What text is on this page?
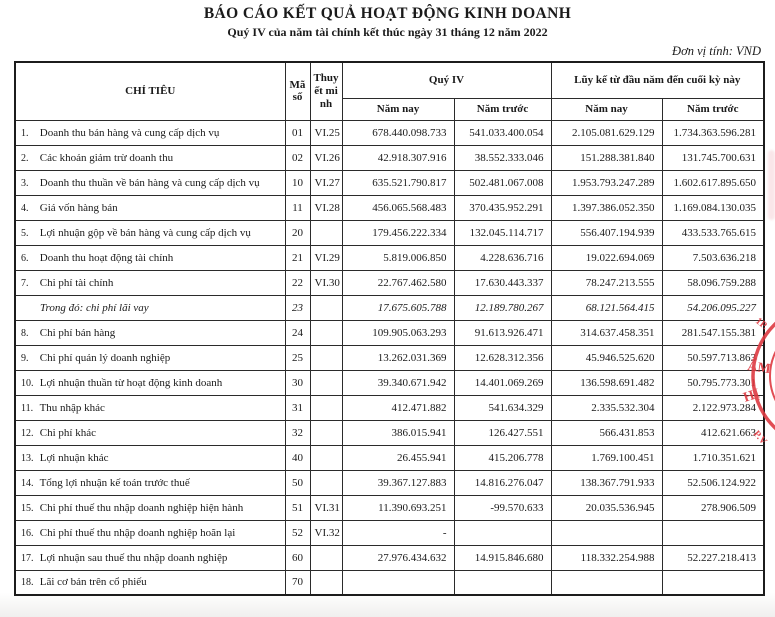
BÁO CÁO KẾT QUẢ HOẠT ĐỘNG KINH DOANH
Quý IV của năm tài chính kết thúc ngày 31 tháng 12 năm 2022
Đơn vị tính: VND
CHỈ TIÊU	Mã số	Thuyết minh	Quý IV		Lũy kế từ đầu năm đến cuối kỳ này	
			Năm nay	Năm trước	Năm nay	Năm trước
1. Doanh thu bán hàng và cung cấp dịch vụ	01	VI.25	678.440.098.733	541.033.400.054	2.105.081.629.129	1.734.363.596.281
2. Các khoản giảm trừ doanh thu	02	VI.26	42.918.307.916	38.552.333.046	151.288.381.840	131.745.700.631
3. Doanh thu thuần về bán hàng và cung cấp dịch vụ	10	VI.27	635.521.790.817	502.481.067.008	1.953.793.247.289	1.602.617.895.650
4. Giá vốn hàng bán	11	VI.28	456.065.568.483	370.435.952.291	1.397.386.052.350	1.169.084.130.035
5. Lợi nhuận gộp về bán hàng và cung cấp dịch vụ	20		179.456.222.334	132.045.114.717	556.407.194.939	433.533.765.615
6. Doanh thu hoạt động tài chính	21	VI.29	5.819.006.850	4.228.636.716	19.022.694.069	7.503.636.218
7. Chi phí tài chính	22	VI.30	22.767.462.580	17.630.443.337	78.247.213.555	58.096.759.288
Trong đó: chi phí lãi vay	23		17.675.605.788	12.189.780.267	68.121.564.415	54.206.095.227
8. Chi phí bán hàng	24		109.905.063.293	91.613.926.471	314.637.458.351	281.547.155.381
9. Chi phí quản lý doanh nghiệp	25		13.262.031.369	12.628.312.356	45.946.525.620	50.597.713.863
10. Lợi nhuận thuần từ hoạt động kinh doanh	30		39.340.671.942	14.401.069.269	136.598.691.482	50.795.773.301
11. Thu nhập khác	31		412.471.882	541.634.329	2.335.532.304	2.122.973.284
12. Chi phí khác	32		386.015.941	126.427.551	566.431.853	412.621.663
13. Lợi nhuận khác	40		26.455.941	415.206.778	1.769.100.451	1.710.351.621
14. Tổng lợi nhuận kế toán trước thuế	50		39.367.127.883	14.816.276.047	138.367.791.933	52.506.124.922
15. Chi phí thuế thu nhập doanh nghiệp hiện hành	51	VI.31	11.390.693.251	-99.570.633	20.035.536.945	278.906.509
16. Chi phí thuế thu nhập doanh nghiệp hoãn lại	52	VI.32	-			
17. Lợi nhuận sau thuế thu nhập doanh nghiệp	60		27.976.434.632	14.915.846.680	118.332.254.988	52.227.218.413
18. Lãi cơ bản trên cổ phiếu	70					
1P.
ẤM
HỊ
P.V
